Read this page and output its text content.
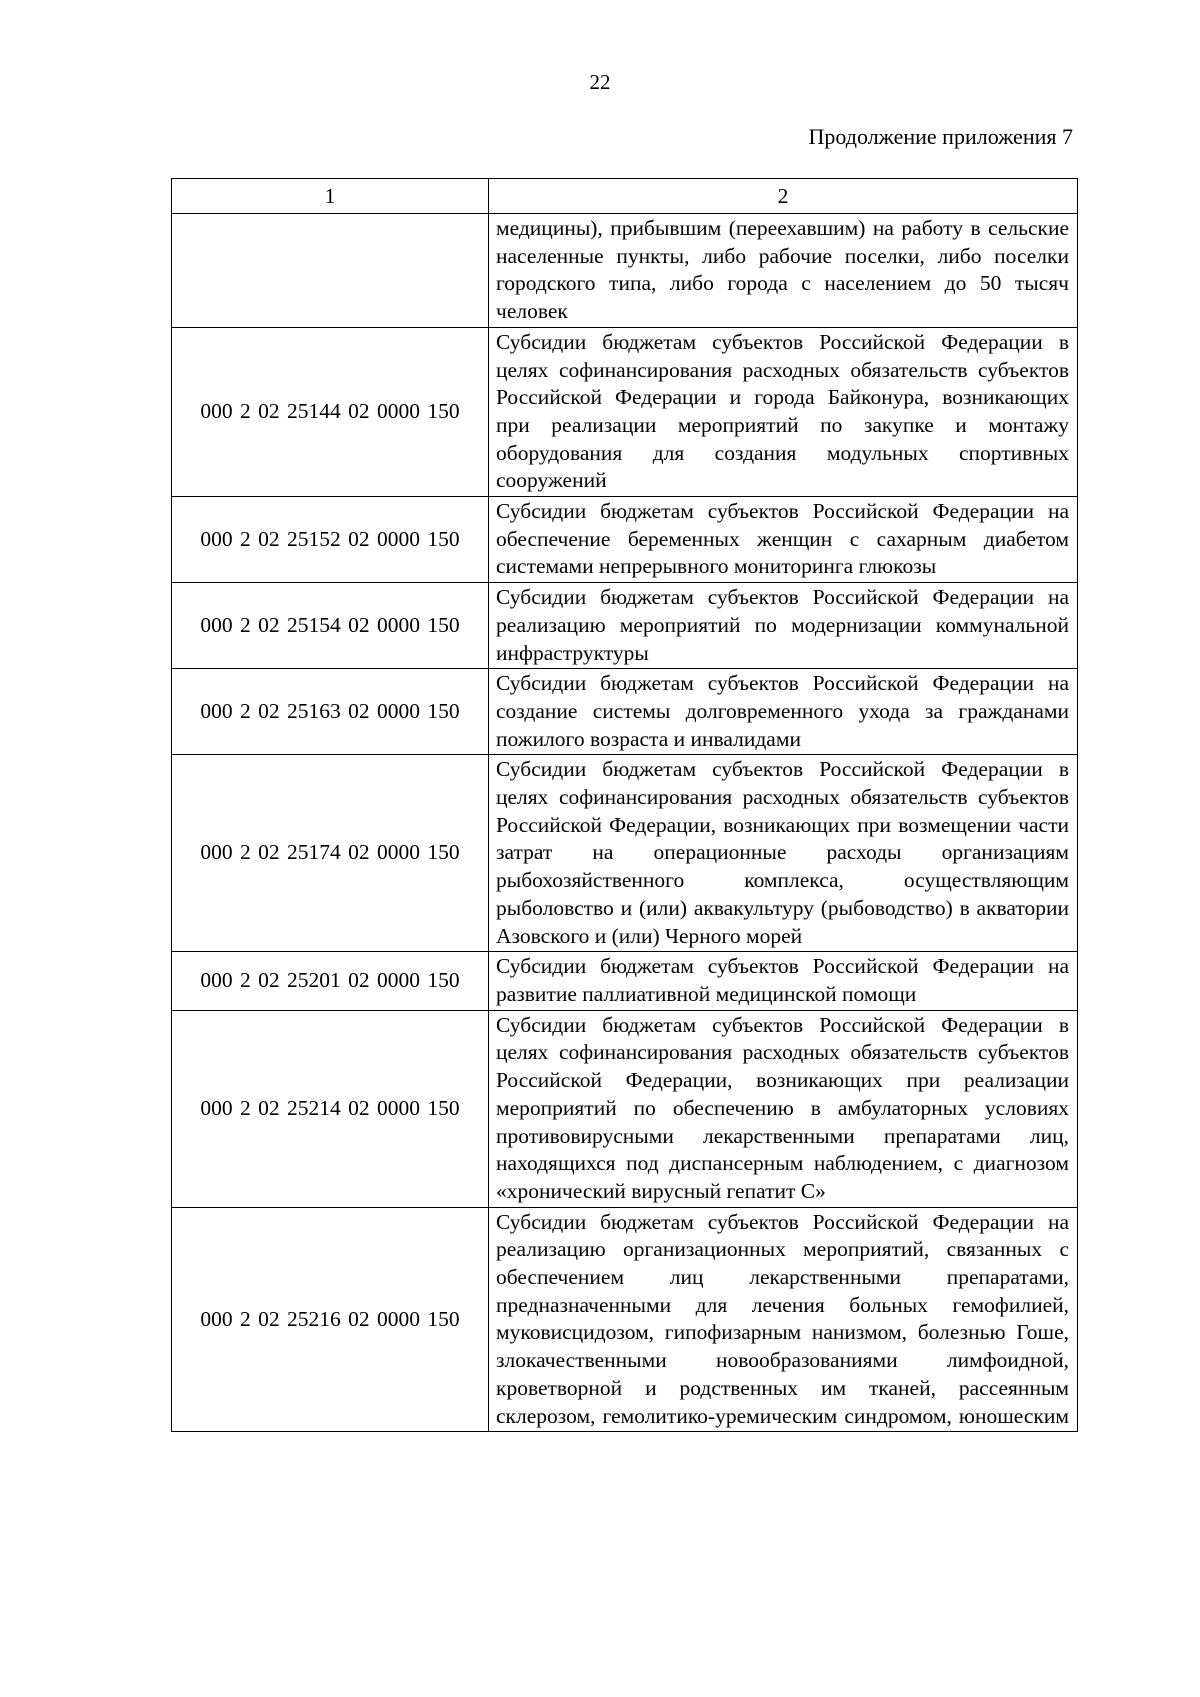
22
Продолжение приложения 7
1	2
	медицины), прибывшим (переехавшим) на работу в сельские населенные пункты, либо рабочие поселки, либо поселки городского типа, либо города с населением до 50 тысяч человек
000 2 02 25144 02 0000 150	Субсидии бюджетам субъектов Российской Федерации в целях софинансирования расходных обязательств субъектов Российской Федерации и города Байконура, возникающих при реализации мероприятий по закупке и монтажу оборудования для создания модульных спортивных сооружений
000 2 02 25152 02 0000 150	Субсидии бюджетам субъектов Российской Федерации на обеспечение беременных женщин с сахарным диабетом системами непрерывного мониторинга глюкозы
000 2 02 25154 02 0000 150	Субсидии бюджетам субъектов Российской Федерации на реализацию мероприятий по модернизации коммунальной инфраструктуры
000 2 02 25163 02 0000 150	Субсидии бюджетам субъектов Российской Федерации на создание системы долговременного ухода за гражданами пожилого возраста и инвалидами
000 2 02 25174 02 0000 150	Субсидии бюджетам субъектов Российской Федерации в целях софинансирования расходных обязательств субъектов Российской Федерации, возникающих при возмещении части затрат на операционные расходы организациям рыбохозяйственного комплекса, осуществляющим рыболовство и (или) аквакультуру (рыбоводство) в акватории Азовского и (или) Черного морей
000 2 02 25201 02 0000 150	Субсидии бюджетам субъектов Российской Федерации на развитие паллиативной медицинской помощи
000 2 02 25214 02 0000 150	Субсидии бюджетам субъектов Российской Федерации в целях софинансирования расходных обязательств субъектов Российской Федерации, возникающих при реализации мероприятий по обеспечению в амбулаторных условиях противовирусными лекарственными препаратами лиц, находящихся под диспансерным наблюдением, с диагнозом «хронический вирусный гепатит С»
000 2 02 25216 02 0000 150	Субсидии бюджетам субъектов Российской Федерации на реализацию организационных мероприятий, связанных с обеспечением лиц лекарственными препаратами, предназначенными для лечения больных гемофилией, муковисцидозом, гипофизарным нанизмом, болезнью Гоше, злокачественными новообразованиями лимфоидной, кроветворной и родственных им тканей, рассеянным склерозом, гемолитико-уремическим синдромом, юношеским
